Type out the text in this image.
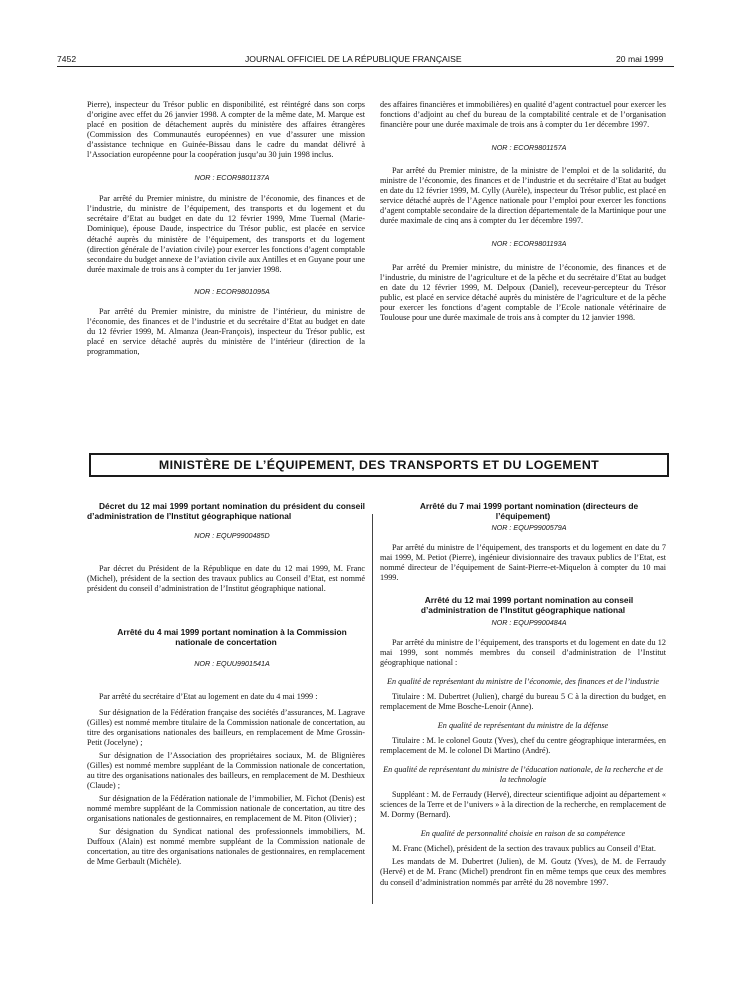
7452	JOURNAL OFFICIEL DE LA RÉPUBLIQUE FRANÇAISE	20 mai 1999

Pierre), inspecteur du Trésor public en disponibilité, est réintégré dans son corps d’origine avec effet du 26 janvier 1998. A compter de la même date, M. Marque est placé en position de détachement auprès du ministère des affaires étrangères (Commission des Communautés européennes) en vue d’assurer une mission d’assistance technique en Guinée-Bissau dans le cadre du mandat délivré à l’Association européenne pour la coopération jusqu’au 30 juin 1998 inclus.

NOR : ECOR9801137A

Par arrêté du Premier ministre, du ministre de l’économie, des finances et de l’industrie, du ministre de l’équipement, des transports et du logement et du secrétaire d’Etat au budget en date du 12 février 1999, Mme Tuernal (Marie-Dominique), épouse Daude, inspectrice du Trésor public, est placée en service détaché auprès du ministère de l’équipement, des transports et du logement (direction générale de l’aviation civile) pour exercer les fonctions d’agent comptable secondaire du budget annexe de l’aviation civile aux Antilles et en Guyane pour une durée maximale de trois ans à compter du 1er janvier 1998.

NOR : ECOR9801095A

Par arrêté du Premier ministre, du ministre de l’intérieur, du ministre de l’économie, des finances et de l’industrie et du secrétaire d’Etat au budget en date du 12 février 1999, M. Almanza (Jean-François), inspecteur du Trésor public, est placé en service détaché auprès du ministère de l’intérieur (direction de la programmation,

des affaires financières et immobilières) en qualité d’agent contractuel pour exercer les fonctions d’adjoint au chef du bureau de la comptabilité centrale et de l’organisation financière pour une durée maximale de trois ans à compter du 1er décembre 1997.

NOR : ECOR9801157A

Par arrêté du Premier ministre, de la ministre de l’emploi et de la solidarité, du ministre de l’économie, des finances et de l’industrie et du secrétaire d’Etat au budget en date du 12 février 1999, M. Cylly (Aurèle), inspecteur du Trésor public, est placé en service détaché auprès de l’Agence nationale pour l’emploi pour exercer les fonctions d’agent comptable secondaire de la direction départementale de la Martinique pour une durée maximale de cinq ans à compter du 1er décembre 1997.

NOR : ECOR9801193A

Par arrêté du Premier ministre, du ministre de l’économie, des finances et de l’industrie, du ministre de l’agriculture et de la pêche et du secrétaire d’Etat au budget en date du 12 février 1999, M. Delpoux (Daniel), receveur-percepteur du Trésor public, est placé en service détaché auprès du ministère de l’agriculture et de la pêche pour exercer les fonctions d’agent comptable de l’Ecole nationale vétérinaire de Toulouse pour une durée maximale de trois ans à compter du 12 janvier 1998.

MINISTÈRE DE L’ÉQUIPEMENT, DES TRANSPORTS ET DU LOGEMENT

Décret du 12 mai 1999 portant nomination du président du conseil d’administration de l’Institut géographique national

NOR : EQUP9900485D

Par décret du Président de la République en date du 12 mai 1999, M. Franc (Michel), président de la section des travaux publics au Conseil d’Etat, est nommé président du conseil d’administration de l’Institut géographique national.

Arrêté du 4 mai 1999 portant nomination à la Commission nationale de concertation

NOR : EQUU9901541A

Par arrêté du secrétaire d’Etat au logement en date du 4 mai 1999 :

Sur désignation de la Fédération française des sociétés d’assurances, M. Lagrave (Gilles) est nommé membre titulaire de la Commission nationale de concertation, au titre des organisations nationales des bailleurs, en remplacement de Mme Grossin-Petit (Jocelyne) ;

Sur désignation de l’Association des propriétaires sociaux, M. de Blignières (Gilles) est nommé membre suppléant de la Commission nationale de concertation, au titre des organisations nationales des bailleurs, en remplacement de M. Desthieux (Claude) ;

Sur désignation de la Fédération nationale de l’immobilier, M. Fichot (Denis) est nommé membre suppléant de la Commission nationale de concertation, au titre des organisations nationales de gestionnaires, en remplacement de M. Piton (Olivier) ;

Sur désignation du Syndicat national des professionnels immobiliers, M. Duffoux (Alain) est nommé membre suppléant de la Commission nationale de concertation, au titre des organisations nationales de gestionnaires, en remplacement de Mme Gerbault (Michèle).

Arrêté du 7 mai 1999 portant nomination (directeurs de l’équipement)

NOR : EQUP9900579A

Par arrêté du ministre de l’équipement, des transports et du logement en date du 7 mai 1999, M. Petiot (Pierre), ingénieur divisionnaire des travaux publics de l’Etat, est nommé directeur de l’équipement de Saint-Pierre-et-Miquelon à compter du 10 mai 1999.

Arrêté du 12 mai 1999 portant nomination au conseil d’administration de l’Institut géographique national

NOR : EQUP9900484A

Par arrêté du ministre de l’équipement, des transports et du logement en date du 12 mai 1999, sont nommés membres du conseil d’administration de l’Institut géographique national :

En qualité de représentant du ministre de l’économie, des finances et de l’industrie

Titulaire : M. Dubertret (Julien), chargé du bureau 5 C à la direction du budget, en remplacement de Mme Bosche-Lenoir (Anne).

En qualité de représentant du ministre de la défense

Titulaire : M. le colonel Goutz (Yves), chef du centre géographique interarmées, en remplacement de M. le colonel Di Martino (André).

En qualité de représentant du ministre de l’éducation nationale, de la recherche et de la technologie

Suppléant : M. de Ferraudy (Hervé), directeur scientifique adjoint au département « sciences de la Terre et de l’univers » à la direction de la recherche, en remplacement de M. Dormy (Bernard).

En qualité de personnalité choisie en raison de sa compétence

M. Franc (Michel), président de la section des travaux publics au Conseil d’Etat.

Les mandats de M. Dubertret (Julien), de M. Goutz (Yves), de M. de Ferraudy (Hervé) et de M. Franc (Michel) prendront fin en même temps que ceux des membres du conseil d’administration nommés par arrêté du 28 novembre 1997.
